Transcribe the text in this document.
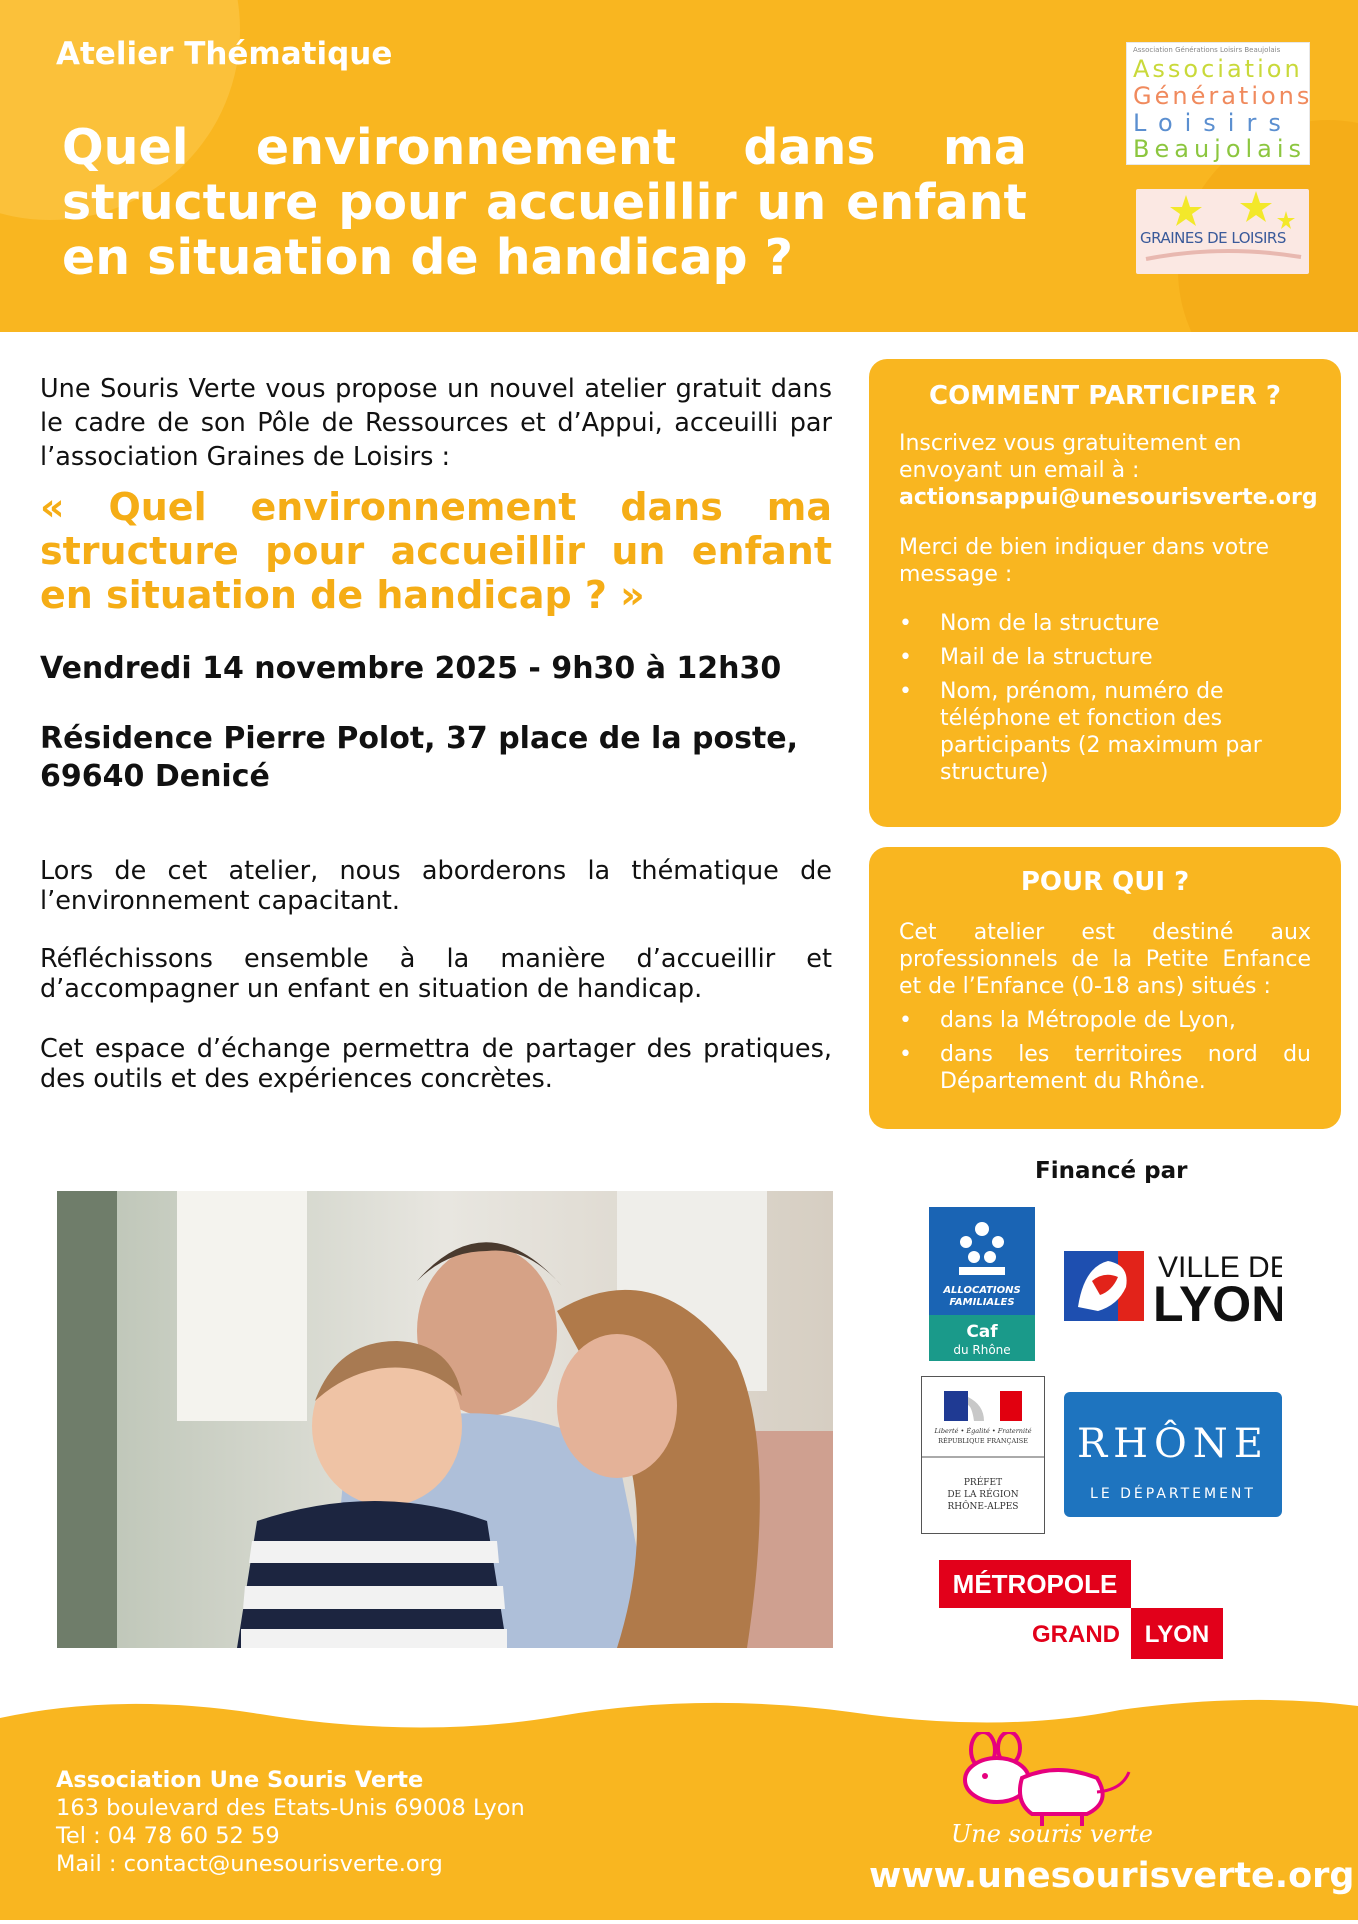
Atelier Thématique
Quel environnement dans ma structure pour accueillir un enfant en situation de handicap ?
Association Générations Loisirs Beaujolais
Association
Générations
Loisirs
Beaujolais
GRAINES DE LOISIRS
Une Souris Verte vous propose un nouvel atelier gratuit dans le cadre de son Pôle de Ressources et d’Appui, acceuilli par l’association Graines de Loisirs :
« Quel environnement dans ma structure pour accueillir un enfant en situation de handicap ? »
Vendredi 14 novembre 2025 - 9h30 à 12h30
Résidence Pierre Polot, 37 place de la poste, 69640 Denicé
Lors de cet atelier, nous aborderons la thématique de l’environnement capacitant.
Réfléchissons ensemble à la manière d’accueillir et d’accompagner un enfant en situation de handicap.
Cet espace d’échange permettra de partager des pratiques, des outils et des expériences concrètes.
COMMENT PARTICIPER ?
Inscrivez vous gratuitement en envoyant un email à :
actionsappui@unesourisverte.org
Merci de bien indiquer dans votre message :
• Nom de la structure
• Mail de la structure
• Nom, prénom, numéro de téléphone et fonction des participants (2 maximum par structure)
POUR QUI ?
Cet atelier est destiné aux professionnels de la Petite Enfance et de l’Enfance (0-18 ans) situés :
• dans la Métropole de Lyon,
• dans les territoires nord du Département du Rhône.
Financé par
ALLOCATIONS
FAMILIALES
Caf
du Rhône
VILLE DE
LYON
Liberté • Égalité • Fraternité
RÉPUBLIQUE FRANÇAISE
PRÉFET
DE LA RÉGION
RHÔNE-ALPES
RHÔNE
LE DÉPARTEMENT
MÉTROPOLE
GRAND LYON
Association Une Souris Verte
163 boulevard des Etats-Unis 69008 Lyon
Tel : 04 78 60 52 59
Mail : contact@unesourisverte.org
Une souris verte
www.unesourisverte.org
